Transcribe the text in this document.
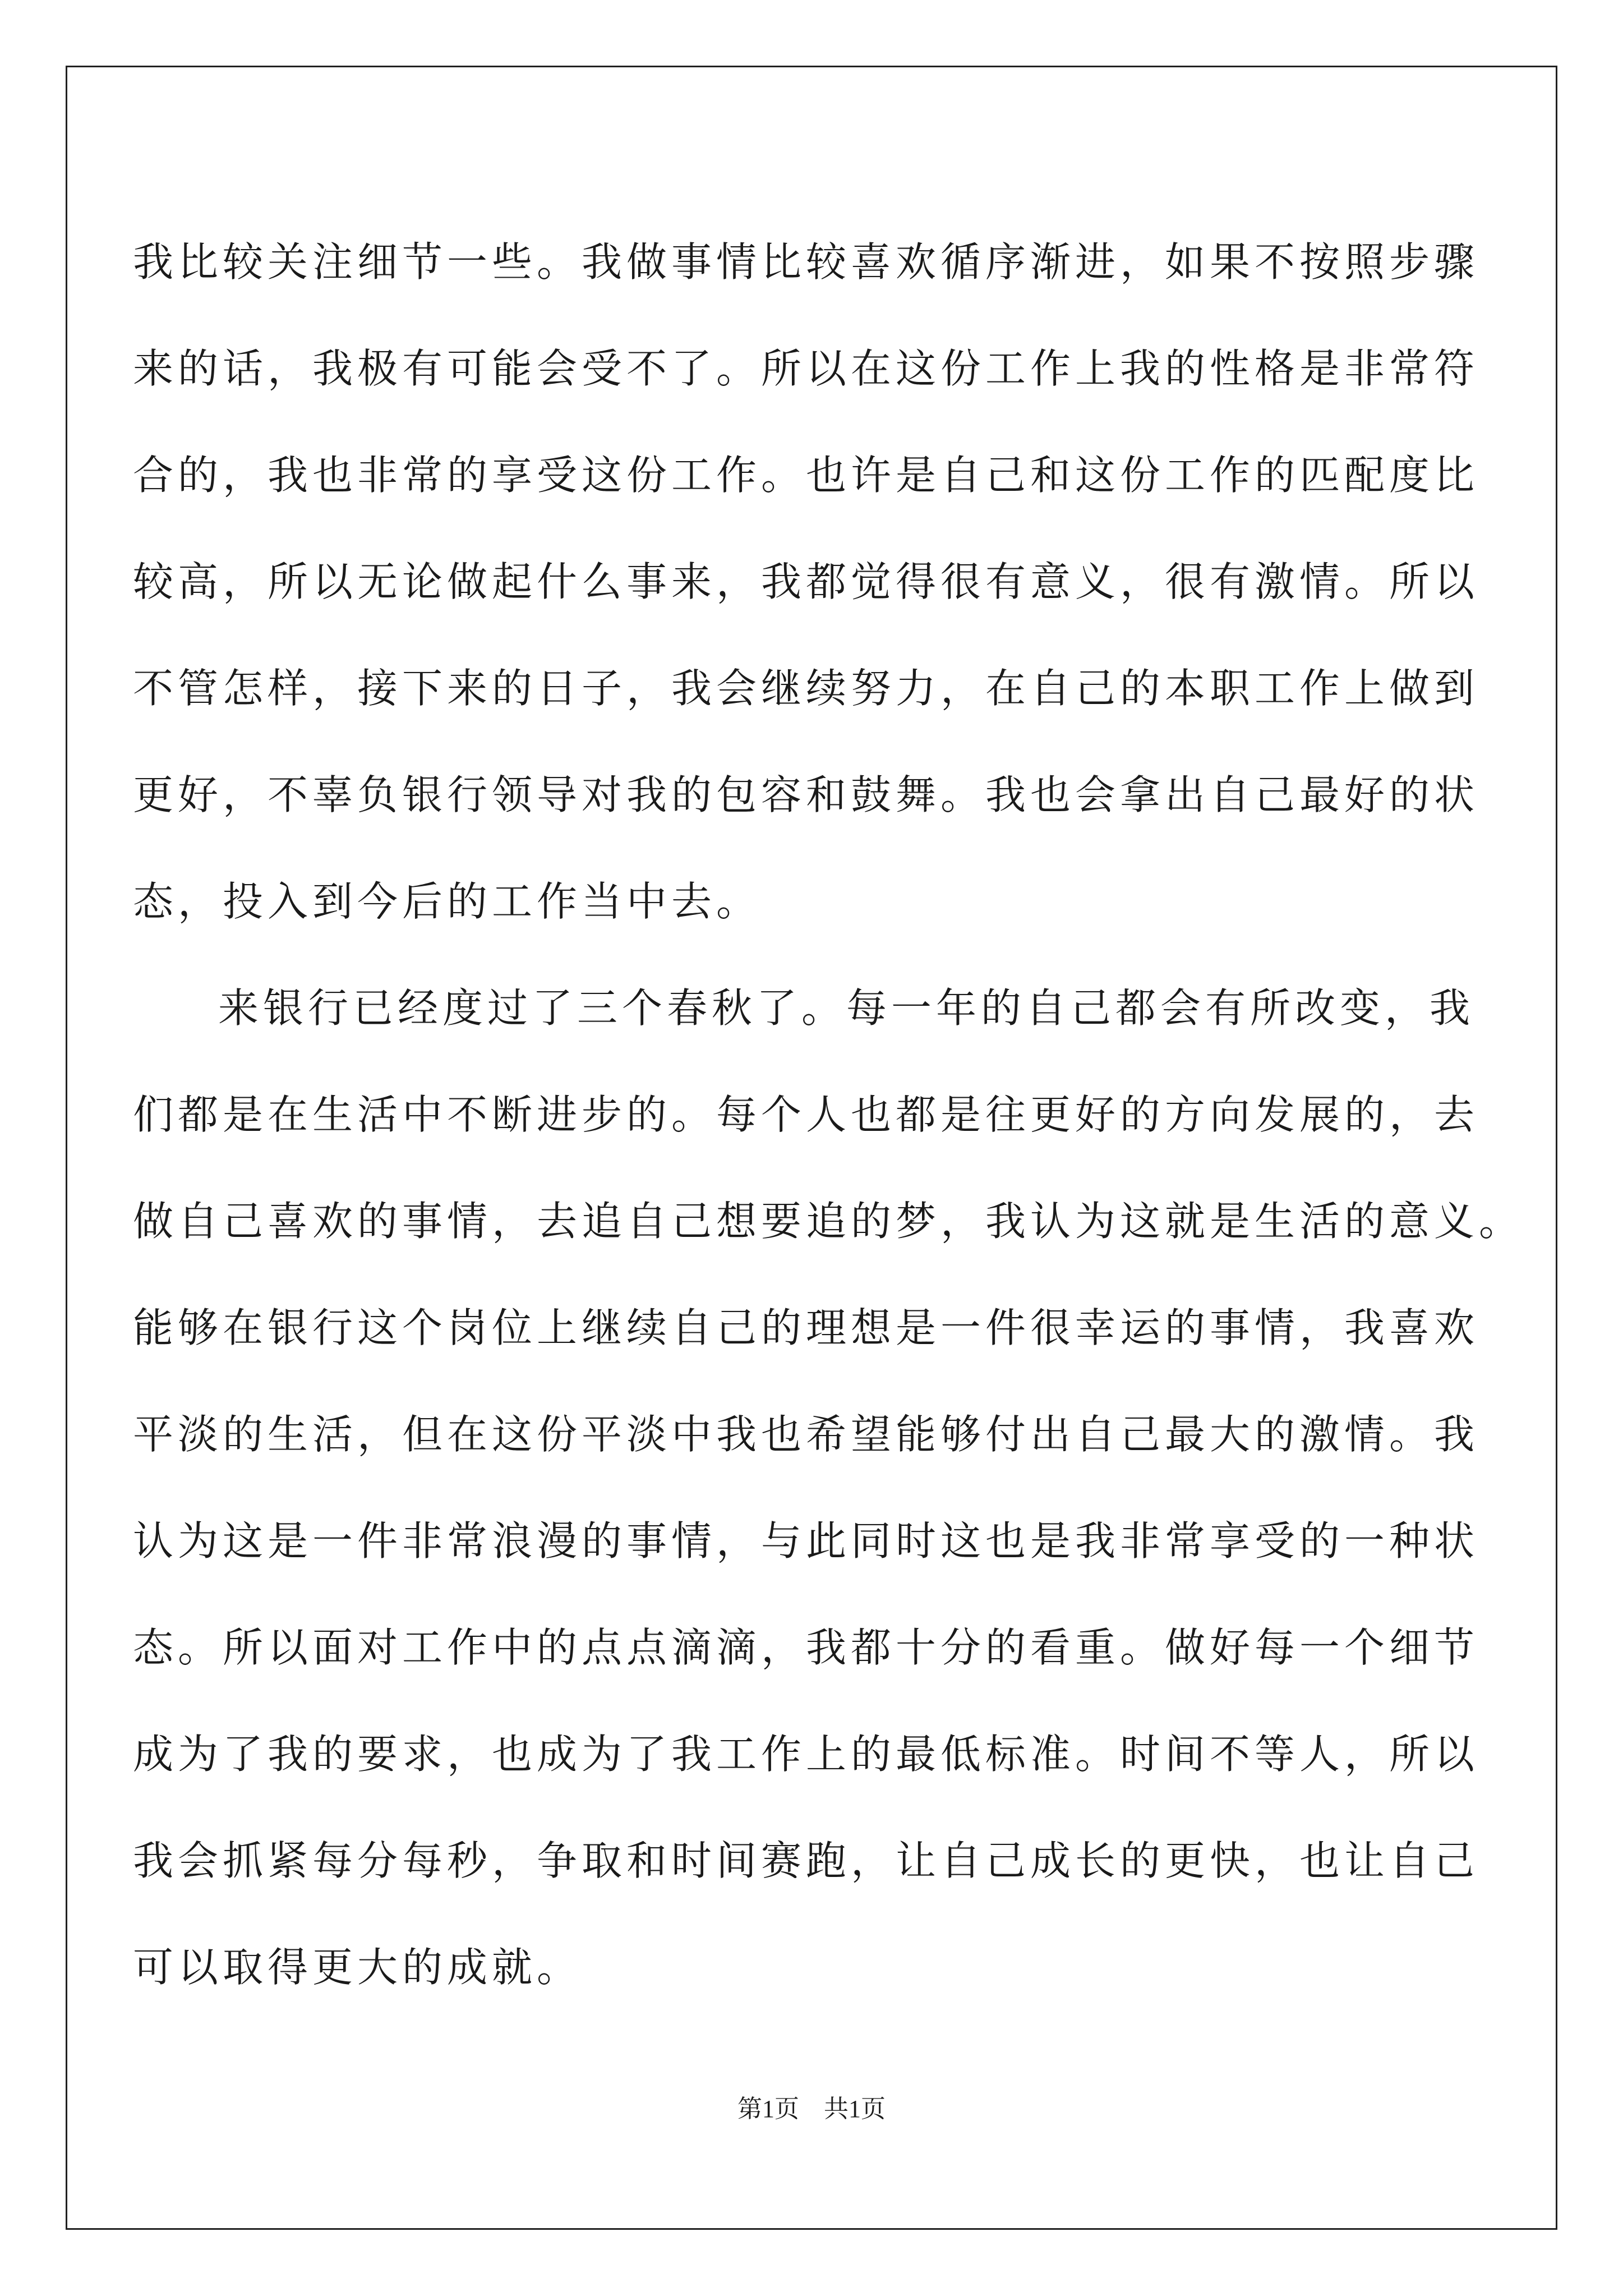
我比较关注细节一些。我做事情比较喜欢循序渐进，如果不按照步骤
来的话，我极有可能会受不了。所以在这份工作上我的性格是非常符
合的，我也非常的享受这份工作。也许是自己和这份工作的匹配度比
较高，所以无论做起什么事来，我都觉得很有意义，很有激情。所以
不管怎样，接下来的日子，我会继续努力，在自己的本职工作上做到
更好，不辜负银行领导对我的包容和鼓舞。我也会拿出自己最好的状
态，投入到今后的工作当中去。
来银行已经度过了三个春秋了。每一年的自己都会有所改变，我
们都是在生活中不断进步的。每个人也都是往更好的方向发展的，去
做自己喜欢的事情，去追自己想要追的梦，我认为这就是生活的意义。
能够在银行这个岗位上继续自己的理想是一件很幸运的事情，我喜欢
平淡的生活，但在这份平淡中我也希望能够付出自己最大的激情。我
认为这是一件非常浪漫的事情，与此同时这也是我非常享受的一种状
态。所以面对工作中的点点滴滴，我都十分的看重。做好每一个细节
成为了我的要求，也成为了我工作上的最低标准。时间不等人，所以
我会抓紧每分每秒，争取和时间赛跑，让自己成长的更快，也让自己
可以取得更大的成就。
第1页　共1页
